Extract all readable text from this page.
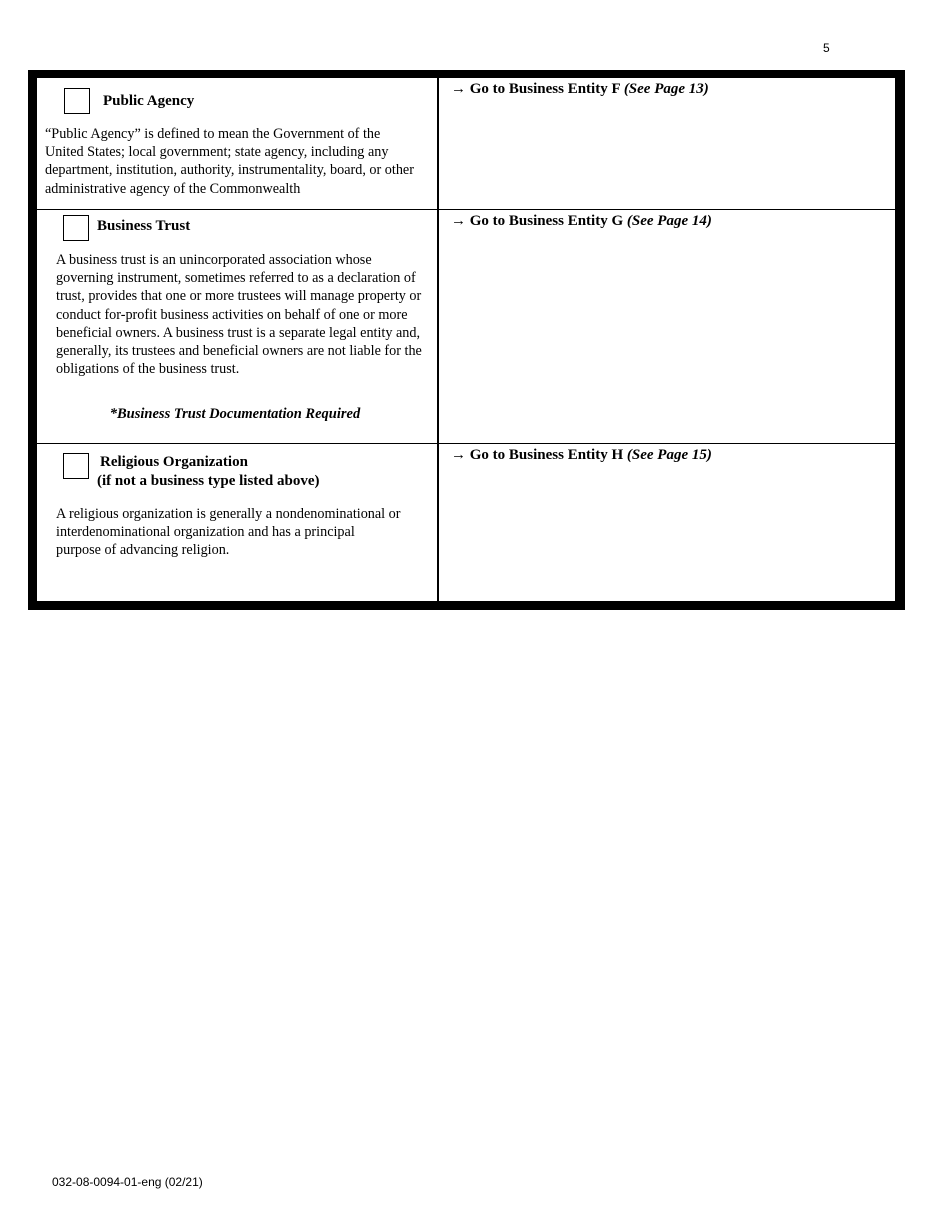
5
Public Agency
“Public Agency” is defined to mean the Government of the United States; local government; state agency, including any department, institution, authority, instrumentality, board, or other administrative agency of the Commonwealth
→ Go to Business Entity F (See Page 13)
Business Trust
A business trust is an unincorporated association whose governing instrument, sometimes referred to as a declaration of trust, provides that one or more trustees will manage property or conduct for-profit business activities on behalf of one or more beneficial owners. A business trust is a separate legal entity and, generally, its trustees and beneficial owners are not liable for the obligations of the business trust.
*Business Trust Documentation Required
→ Go to Business Entity G (See Page 14)
Religious Organization
(if not a business type listed above)
A religious organization is generally a nondenominational or interdenominational organization and has a principal purpose of advancing religion.
→ Go to Business Entity H (See Page 15)
032-08-0094-01-eng (02/21)
